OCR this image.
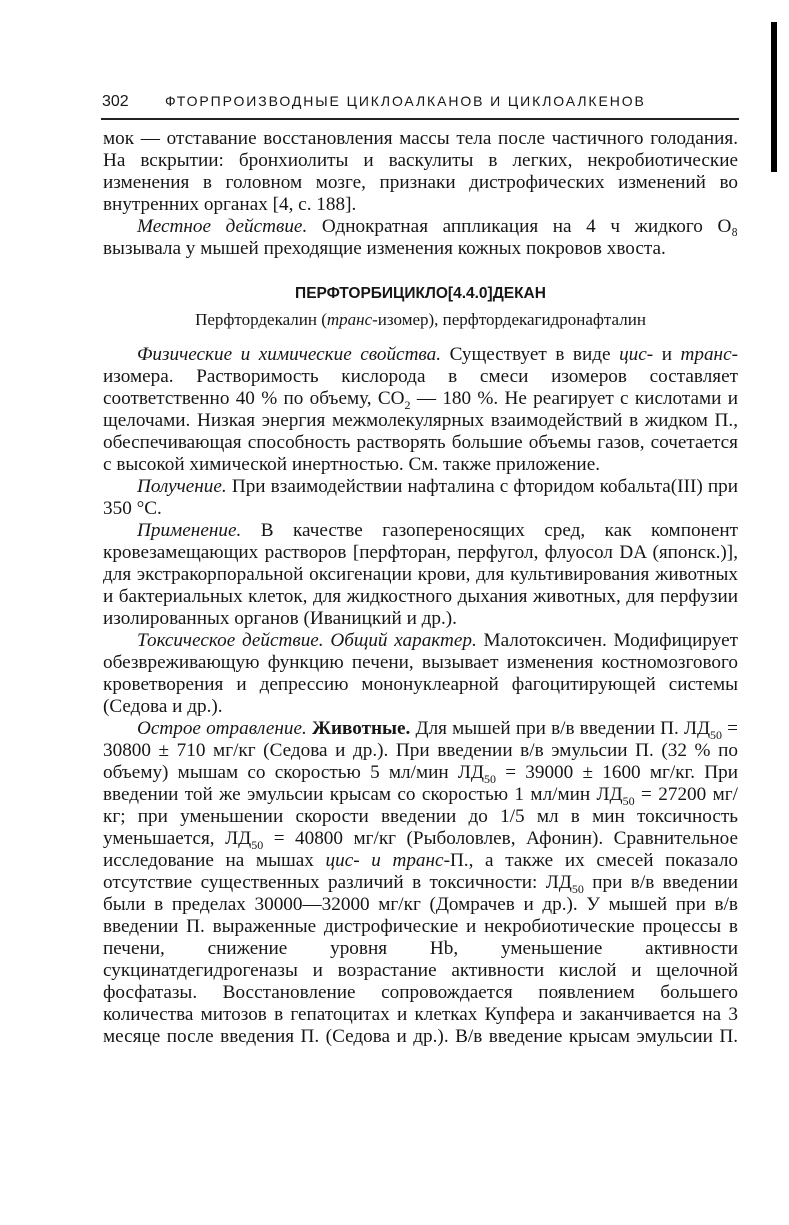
302	ФТОРПРОИЗВОДНЫЕ ЦИКЛОАЛКАНОВ И ЦИКЛОАЛКЕНОВ

мок — отставание восстановления массы тела после частичного голодания. На вскрытии: бронхиолиты и васкулиты в легких, некробиотические изменения в головном мозге, признаки дистрофических изменений во внутренних органах [4, с. 188].

Местное действие. Однократная аппликация на 4 ч жидкого О₈ вызывала у мышей преходящие изменения кожных покровов хвоста.

ПЕРФТОРБИЦИКЛО[4.4.0]ДЕКАН
Перфтордекалин (транс-изомер), перфтордекагидронафталин

Физические и химические свойства. Существует в виде цис- и транс-изомера. Растворимость кислорода в смеси изомеров составляет соответственно 40 % по объему, $CO_2$ — 180 %. Не реагирует с кислотами и щелочами. Низкая энергия межмолекулярных взаимодействий в жидком П., обеспечивающая способность растворять большие объемы газов, сочетается с высокой химической инертностью. См. также приложение.

Получение. При взаимодействии нафталина с фторидом кобальта(III) при 350 °С.

Применение. В качестве газопереносящих сред, как компонент кровезамещающих растворов [перфторан, перфугол, флуосол DA (японск.)], для экстракорпоральной оксигенации крови, для культивирования животных и бактериальных клеток, для жидкостного дыхания животных, для перфузии изолированных органов (Иваницкий и др.).

Токсическое действие. Общий характер. Малотоксичен. Модифицирует обезвреживающую функцию печени, вызывает изменения костномозгового кроветворения и депрессию мононуклеарной фагоцитирующей системы (Седова и др.).

Острое отравление. Животные. Для мышей при в/в введении П. $ЛД_{50} = 30800 \pm 710$ мг/кг (Седова и др.). При введении в/в эмульсии П. (32 % по объему) мышам со скоростью 5 мл/мин $ЛД_{50} = 39000 \pm 1600$ мг/кг. При введении той же эмульсии крысам со скоростью 1 мл/мин $ЛД_{50} = 27200$ мг/кг; при уменьшении скорости введении до 1/5 мл в мин токсичность уменьшается, $ЛД_{50} = 40800$ мг/кг (Рыболовлев, Афонин). Сравнительное исследование на мышах цис- и транс-П., а также их смесей показало отсутствие существенных различий в токсичности: $ЛД_{50}$ при в/в введении были в пределах 30000—32000 мг/кг (Домрачев и др.). У мышей при в/в введении П. выраженные дистрофические и некробиотические процессы в печени, снижение уровня Hb, уменьшение активности сукцинатдегидрогеназы и возрастание активности кислой и щелочной фосфатазы. Восстановление сопровождается появлением большего количества митозов в гепатоцитах и клетках Купфера и заканчивается на 3 месяце после введения П. (Седова и др.). В/в введение крысам эмульсии П.
